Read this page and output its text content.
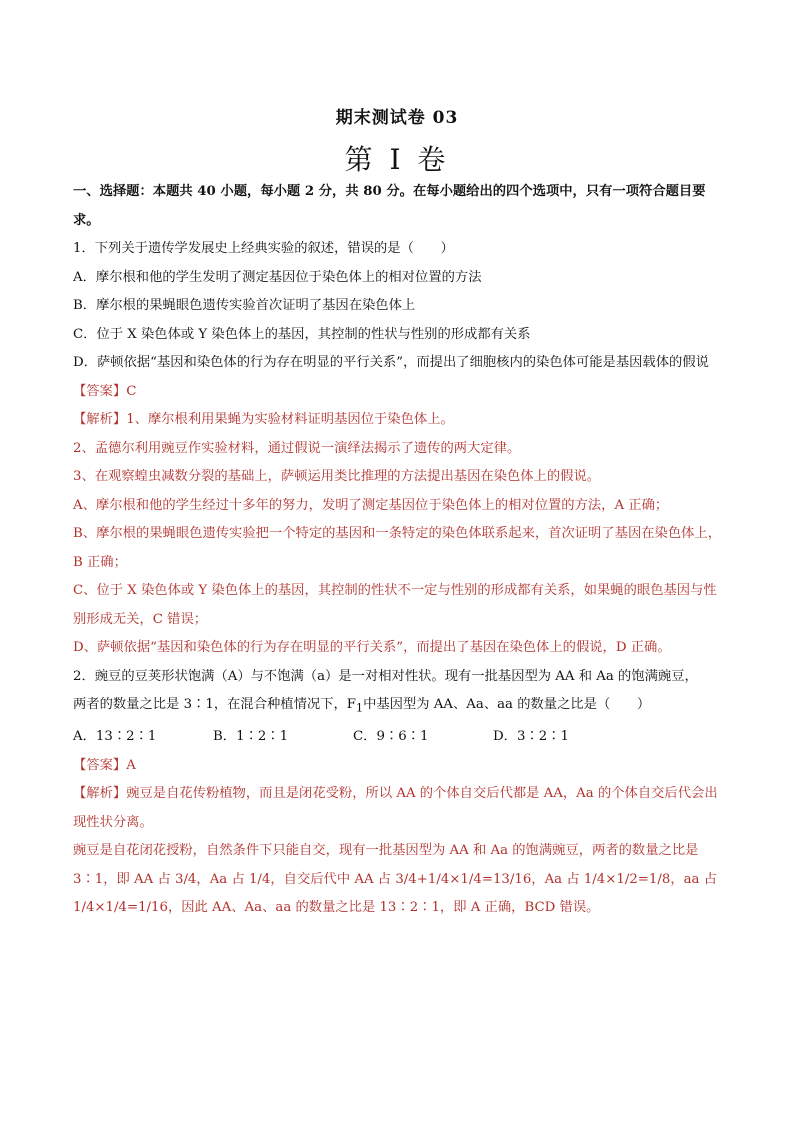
期末测试卷 03
第 I 卷

一、选择题：本题共 40 小题，每小题 2 分，共 80 分。在每小题给出的四个选项中，只有一项符合题目要求。

1．下列关于遗传学发展史上经典实验的叙述，错误的是（　　）

A．摩尔根和他的学生发明了测定基因位于染色体上的相对位置的方法

B．摩尔根的果蝇眼色遗传实验首次证明了基因在染色体上

C．位于 X 染色体或 Y 染色体上的基因，其控制的性状与性别的形成都有关系

D．萨顿依据“基因和染色体的行为存在明显的平行关系”，而提出了细胞核内的染色体可能是基因载体的假说

【答案】C

【解析】1、摩尔根利用果蝇为实验材料证明基因位于染色体上。

2、孟德尔利用豌豆作实验材料，通过假说一演绎法揭示了遗传的两大定律。

3、在观察蝗虫减数分裂的基础上，萨顿运用类比推理的方法提出基因在染色体上的假说。

A、摩尔根和他的学生经过十多年的努力，发明了测定基因位于染色体上的相对位置的方法，A 正确；

B、摩尔根的果蝇眼色遗传实验把一个特定的基因和一条特定的染色体联系起来，首次证明了基因在染色体上，B 正确；

C、位于 X 染色体或 Y 染色体上的基因，其控制的性状不一定与性别的形成都有关系，如果蝇的眼色基因与性别形成无关，C 错误；

D、萨顿依据“基因和染色体的行为存在明显的平行关系”，而提出了基因在染色体上的假说，D 正确。

2．豌豆的豆荚形状饱满（A）与不饱满（a）是一对相对性状。现有一批基因型为 AA 和 Aa 的饱满豌豆，

两者的数量之比是 3∶1，在混合种植情况下，$F_1$中基因型为 AA、Aa、aa 的数量之比是（　　）

A．13∶2∶1	B．1∶2∶1	C．9∶6∶1	D．3∶2∶1

【答案】A

【解析】豌豆是自花传粉植物，而且是闭花受粉，所以 AA 的个体自交后代都是 AA，Aa 的个体自交后代会出现性状分离。

豌豆是自花闭花授粉，自然条件下只能自交，现有一批基因型为 AA 和 Aa 的饱满豌豆，两者的数量之比是 3∶1，即 AA 占 3/4，Aa 占 1/4，自交后代中 AA 占 3/4+1/4×1/4=13/16，Aa 占 1/4×1/2=1/8，aa 占 1/4×1/4=1/16，因此 AA、Aa、aa 的数量之比是 13∶2∶1，即 A 正确，BCD 错误。
